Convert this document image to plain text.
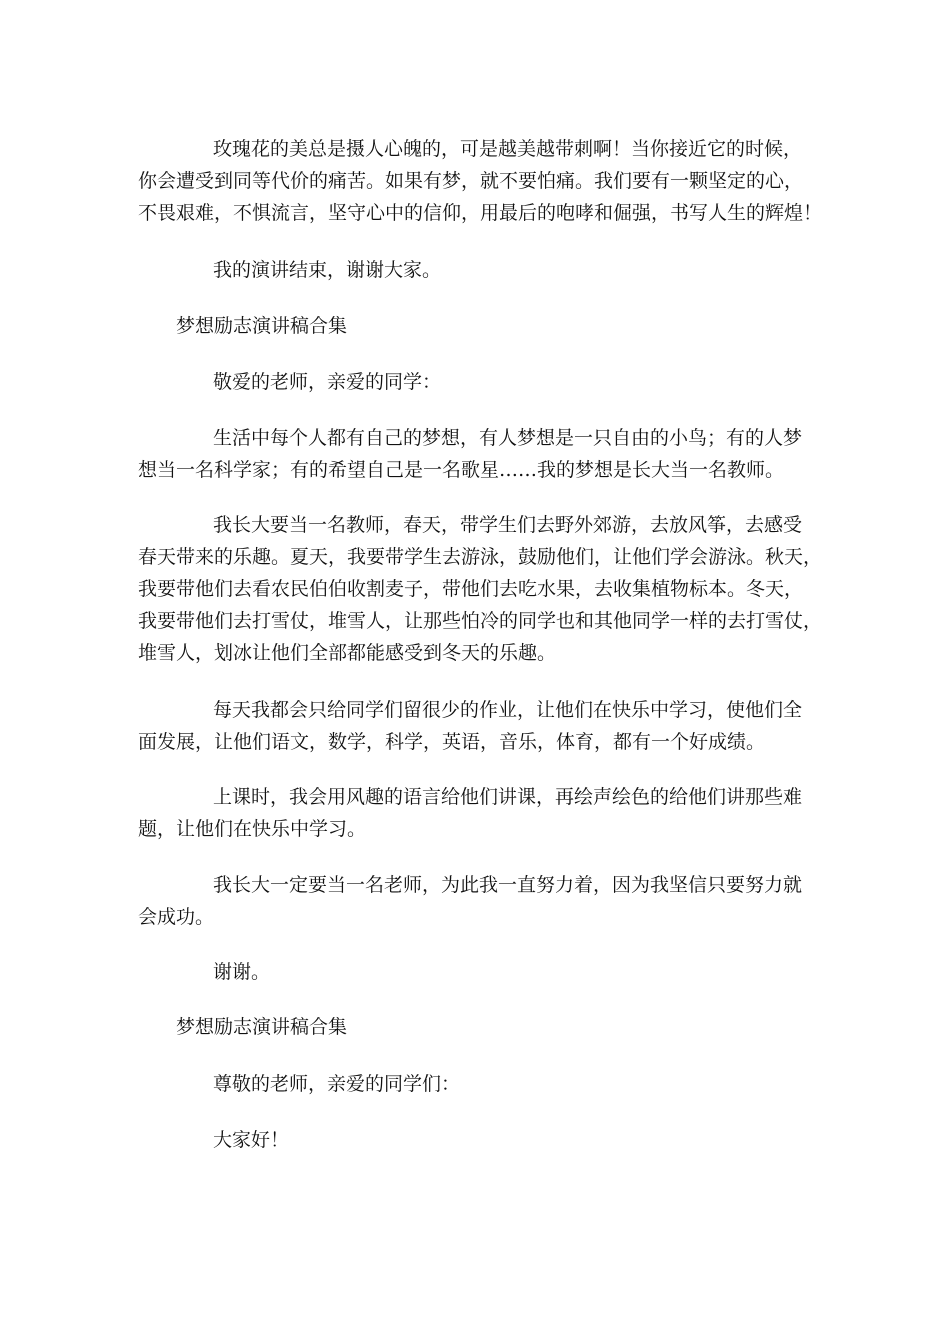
玫瑰花的美总是摄人心魄的，可是越美越带刺啊！当你接近它的时候，
你会遭受到同等代价的痛苦。如果有梦，就不要怕痛。我们要有一颗坚定的心，
不畏艰难，不惧流言，坚守心中的信仰，用最后的咆哮和倔强，书写人生的辉煌！
我的演讲结束，谢谢大家。
梦想励志演讲稿合集
敬爱的老师，亲爱的同学：
生活中每个人都有自己的梦想，有人梦想是一只自由的小鸟；有的人梦
想当一名科学家；有的希望自己是一名歌星……我的梦想是长大当一名教师。
我长大要当一名教师，春天，带学生们去野外郊游，去放风筝，去感受
春天带来的乐趣。夏天，我要带学生去游泳，鼓励他们，让他们学会游泳。秋天，
我要带他们去看农民伯伯收割麦子，带他们去吃水果，去收集植物标本。冬天，
我要带他们去打雪仗，堆雪人，让那些怕冷的同学也和其他同学一样的去打雪仗，
堆雪人，划冰让他们全部都能感受到冬天的乐趣。
每天我都会只给同学们留很少的作业，让他们在快乐中学习，使他们全
面发展，让他们语文，数学，科学，英语，音乐，体育，都有一个好成绩。
上课时，我会用风趣的语言给他们讲课，再绘声绘色的给他们讲那些难
题，让他们在快乐中学习。
我长大一定要当一名老师，为此我一直努力着，因为我坚信只要努力就
会成功。
谢谢。
梦想励志演讲稿合集
尊敬的老师，亲爱的同学们：
大家好！
